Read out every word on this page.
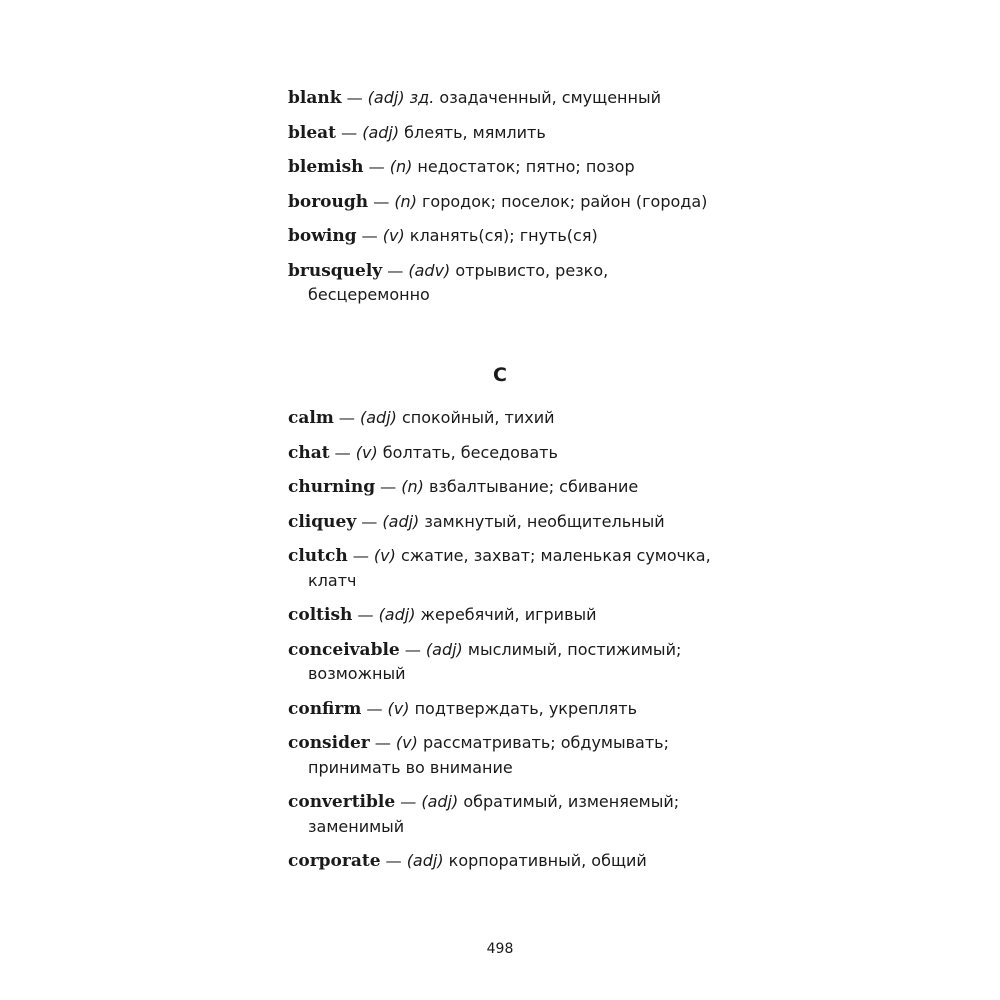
blank — (adj) зд. озадаченный, смущенный

bleat — (adj) блеять, мямлить

blemish — (n) недостаток; пятно; позор

borough — (n) городок; поселок; район (города)

bowing — (v) кланять(ся); гнуть(ся)

brusquely — (adv) отрывисто, резко, бесцеремонно

C

calm — (adj) спокойный, тихий

chat — (v) болтать, беседовать

churning — (n) взбалтывание; сбивание

cliquey — (adj) замкнутый, необщительный

clutch — (v) сжатие, захват; маленькая сумочка, клатч

coltish — (adj) жеребячий, игривый

conceivable — (adj) мыслимый, постижимый; возможный

confirm — (v) подтверждать, укреплять

consider — (v) рассматривать; обдумывать; принимать во внимание

convertible — (adj) обратимый, изменяемый; заменимый

corporate — (adj) корпоративный, общий

498
